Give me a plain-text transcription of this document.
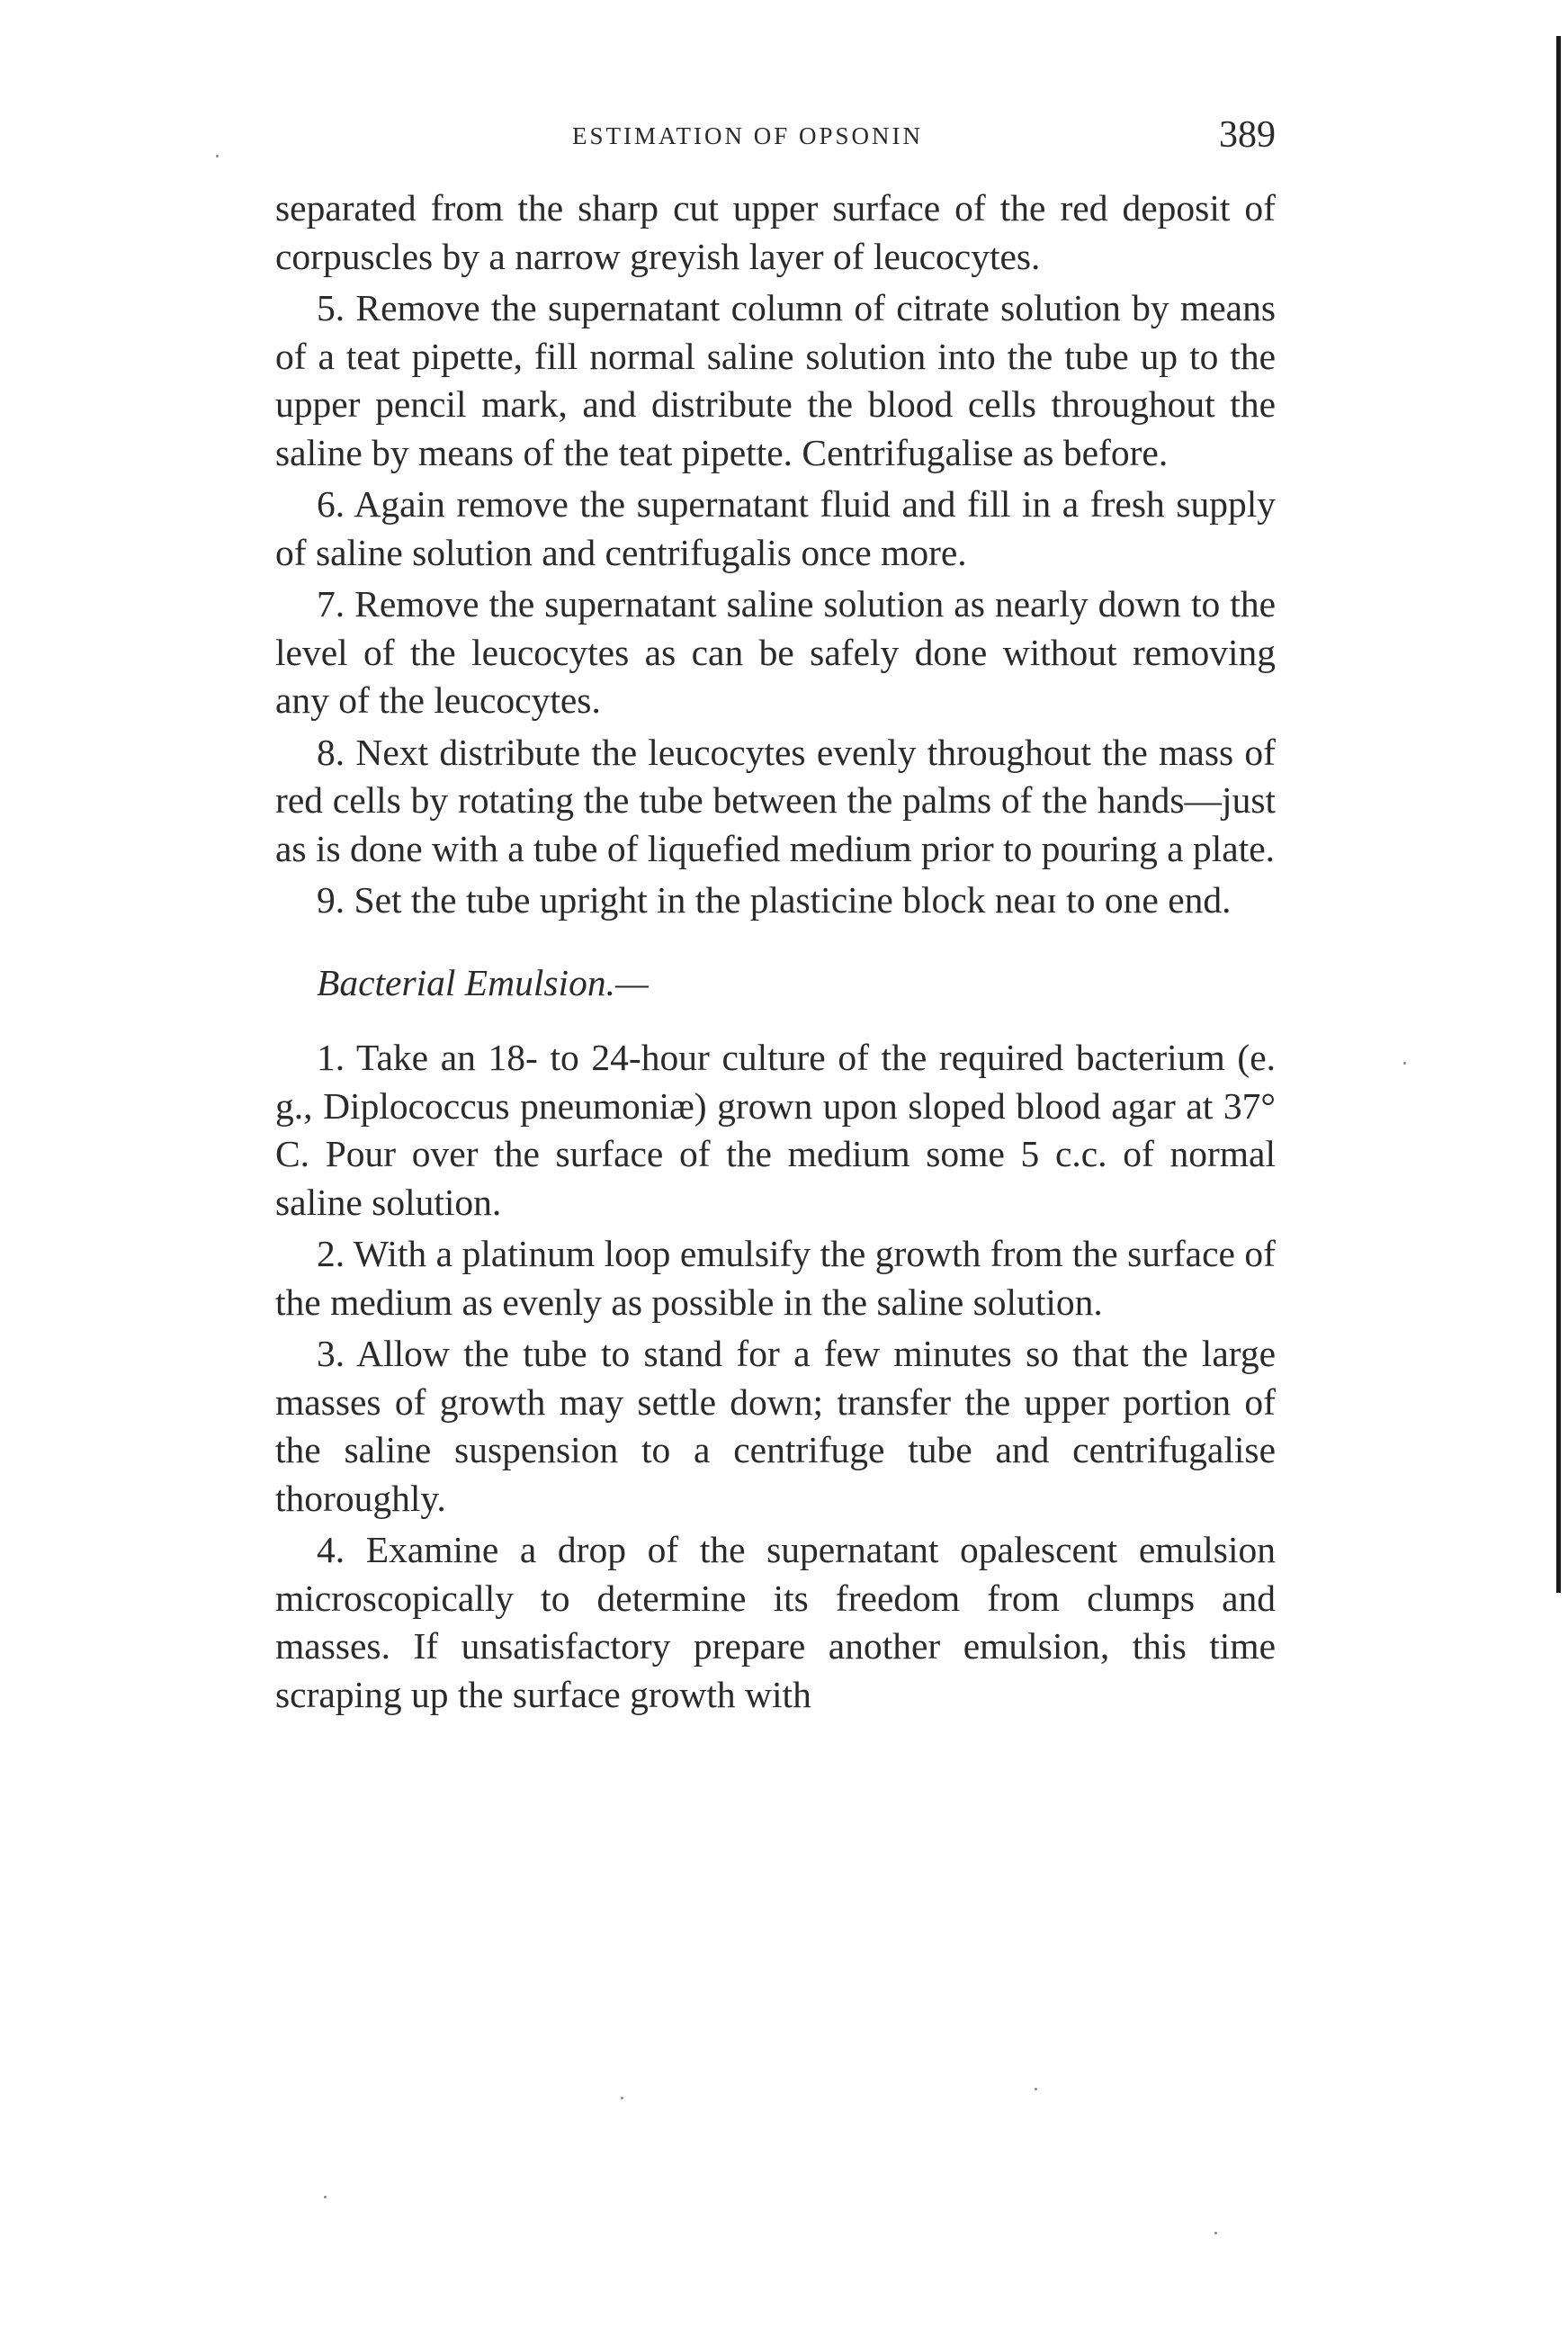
ESTIMATION OF OPSONIN	389

separated from the sharp cut upper surface of the red deposit of corpuscles by a narrow greyish layer of leucocytes.

5. Remove the supernatant column of citrate solution by means of a teat pipette, fill normal saline solution into the tube up to the upper pencil mark, and distribute the blood cells throughout the saline by means of the teat pipette. Centrifugalise as before.

6. Again remove the supernatant fluid and fill in a fresh supply of saline solution and centrifugalis once more.

7. Remove the supernatant saline solution as nearly down to the level of the leucocytes as can be safely done without removing any of the leucocytes.

8. Next distribute the leucocytes evenly throughout the mass of red cells by rotating the tube between the palms of the hands—just as is done with a tube of liquefied medium prior to pouring a plate.

9. Set the tube upright in the plasticine block neaɪ to one end.

Bacterial Emulsion.—

1. Take an 18- to 24-hour culture of the required bacterium (e. g., Diplococcus pneumoniæ) grown upon sloped blood agar at 37° C. Pour over the surface of the medium some 5 c.c. of normal saline solution.

2. With a platinum loop emulsify the growth from the surface of the medium as evenly as possible in the saline solution.

3. Allow the tube to stand for a few minutes so that the large masses of growth may settle down; transfer the upper portion of the saline suspension to a centrifuge tube and centrifugalise thoroughly.

4. Examine a drop of the supernatant opalescent emulsion microscopically to determine its freedom from clumps and masses. If unsatisfactory prepare another emulsion, this time scraping up the surface growth with
